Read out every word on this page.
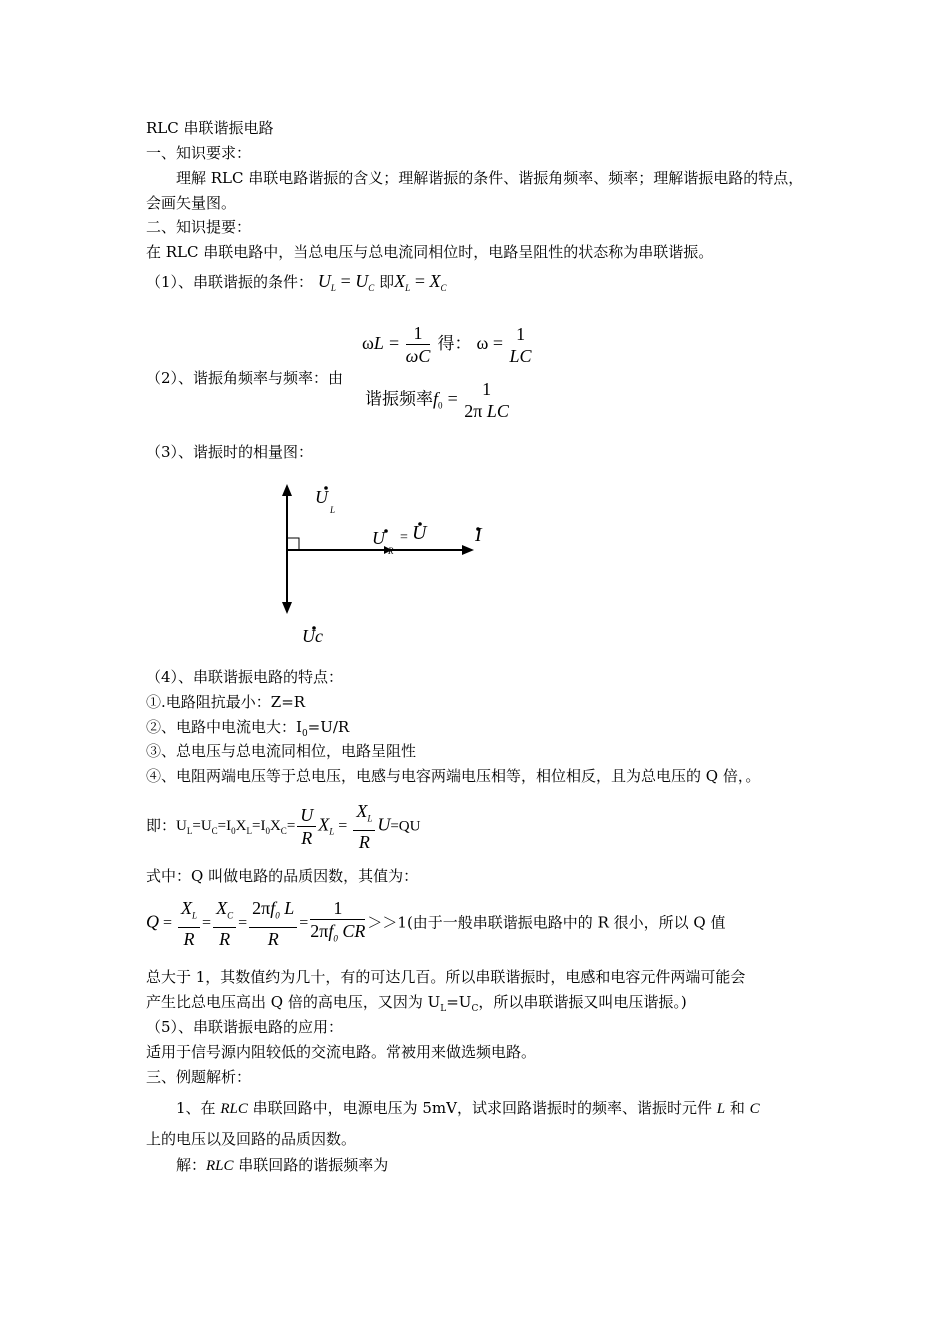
RLC 串联谐振电路
一、知识要求：
理解 RLC 串联电路谐振的含义；理解谐振的条件、谐振角频率、频率；理解谐振电路的特点，会画矢量图。
二、知识提要：
在 RLC 串联电路中，当总电压与总电流同相位时，电路呈阻性的状态称为串联谐振。
（1）、串联谐振的条件： $U_L = U_C$ 即$X_L = X_C$
（2）、谐振角频率与频率：由
$\omega L = \frac{1}{\omega C}$ 得： ω = 1
LC
谐振频率$f_0$ =	1
2π LC
（3）、谐振时的相量图：
U
L
U
R
= U I
Uc
（4）、串联谐振电路的特点：
①.电路阻抗最小：Z=R
②、电路中电流电大：$I_0=U/R$
③、总电压与总电流同相位，电路呈阻性
④、电阻两端电压等于总电压，电感与电容两端电压相等，相位相反，且为总电压的 Q 倍，。
即：$U_L=U_C=I_0X_L=I_0X_C= \frac{U}{R} X_L = \frac{X_L}{R} U=QU$
式中：Q 叫做电路的品质因数，其值为：
$Q = \frac{X_L}{R} = \frac{X_C}{R} = \frac{2\pi f_0 L}{R} = \frac{1}{2\pi f_0 CR} >>1$(由于一般串联谐振电路中的 R 很小，所以 Q 值
总大于 1，其数值约为几十，有的可达几百。所以串联谐振时，电感和电容元件两端可能会
产生比总电压高出 Q 倍的高电压，又因为 $U_L=U_C$，所以串联谐振又叫电压谐振。)
（5）、串联谐振电路的应用：
适用于信号源内阻较低的交流电路。常被用来做选频电路。
三、例题解析：
1、在 RLC 串联回路中，电源电压为 5mV，试求回路谐振时的频率、谐振时元件 L 和 C
上的电压以及回路的品质因数。
解：RLC 串联回路的谐振频率为
